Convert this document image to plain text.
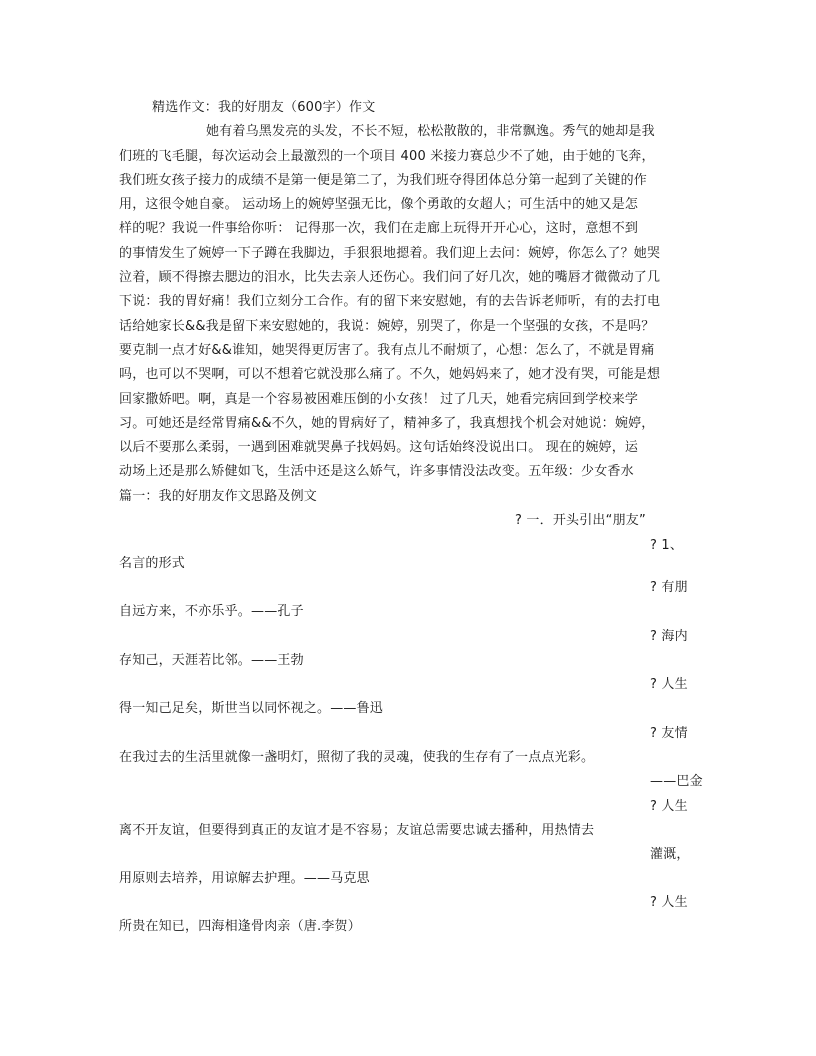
精选作文：我的好朋友（600字）作文
她有着乌黑发亮的头发，不长不短，松松散散的，非常飘逸。秀气的她却是我
们班的飞毛腿，每次运动会上最激烈的一个项目 400 米接力赛总少不了她，由于她的飞奔，
我们班女孩子接力的成绩不是第一便是第二了，为我们班夺得团体总分第一起到了关键的作
用，这很令她自豪。 运动场上的婉婷坚强无比，像个勇敢的女超人；可生活中的她又是怎
样的呢？我说一件事给你听： 记得那一次，我们在走廊上玩得开开心心，这时，意想不到
的事情发生了婉婷一下子蹲在我脚边，手狠狠地摁着。我们迎上去问：婉婷，你怎么了？她哭
泣着，顾不得擦去腮边的泪水，比失去亲人还伤心。我们问了好几次，她的嘴唇才微微动了几
下说：我的胃好痛！我们立刻分工合作。有的留下来安慰她，有的去告诉老师听，有的去打电
话给她家长&&我是留下来安慰她的，我说：婉婷，别哭了，你是一个坚强的女孩，不是吗？
要克制一点才好&&谁知，她哭得更厉害了。我有点儿不耐烦了，心想：怎么了，不就是胃痛
吗，也可以不哭啊，可以不想着它就没那么痛了。不久，她妈妈来了，她才没有哭，可能是想
回家撒娇吧。啊，真是一个容易被困难压倒的小女孩！ 过了几天，她看完病回到学校来学
习。可她还是经常胃痛&&不久，她的胃病好了，精神多了，我真想找个机会对她说：婉婷，
以后不要那么柔弱，一遇到困难就哭鼻子找妈妈。这句话始终没说出口。 现在的婉婷，运
动场上还是那么矫健如飞，生活中还是这么娇气，许多事情没法改变。五年级：少女香水
篇一：我的好朋友作文思路及例文
? 一．开头引出“朋友”
? 1、
名言的形式
? 有朋
自远方来，不亦乐乎。——孔子
? 海内
存知己，天涯若比邻。——王勃
? 人生
得一知己足矣，斯世当以同怀视之。——鲁迅
? 友情
在我过去的生活里就像一盏明灯，照彻了我的灵魂，使我的生存有了一点点光彩。
——巴金
? 人生
离不开友谊，但要得到真正的友谊才是不容易；友谊总需要忠诚去播种，用热情去
灌溉，
用原则去培养，用谅解去护理。——马克思
? 人生
所贵在知已，四海相逢骨肉亲（唐.李贺）
